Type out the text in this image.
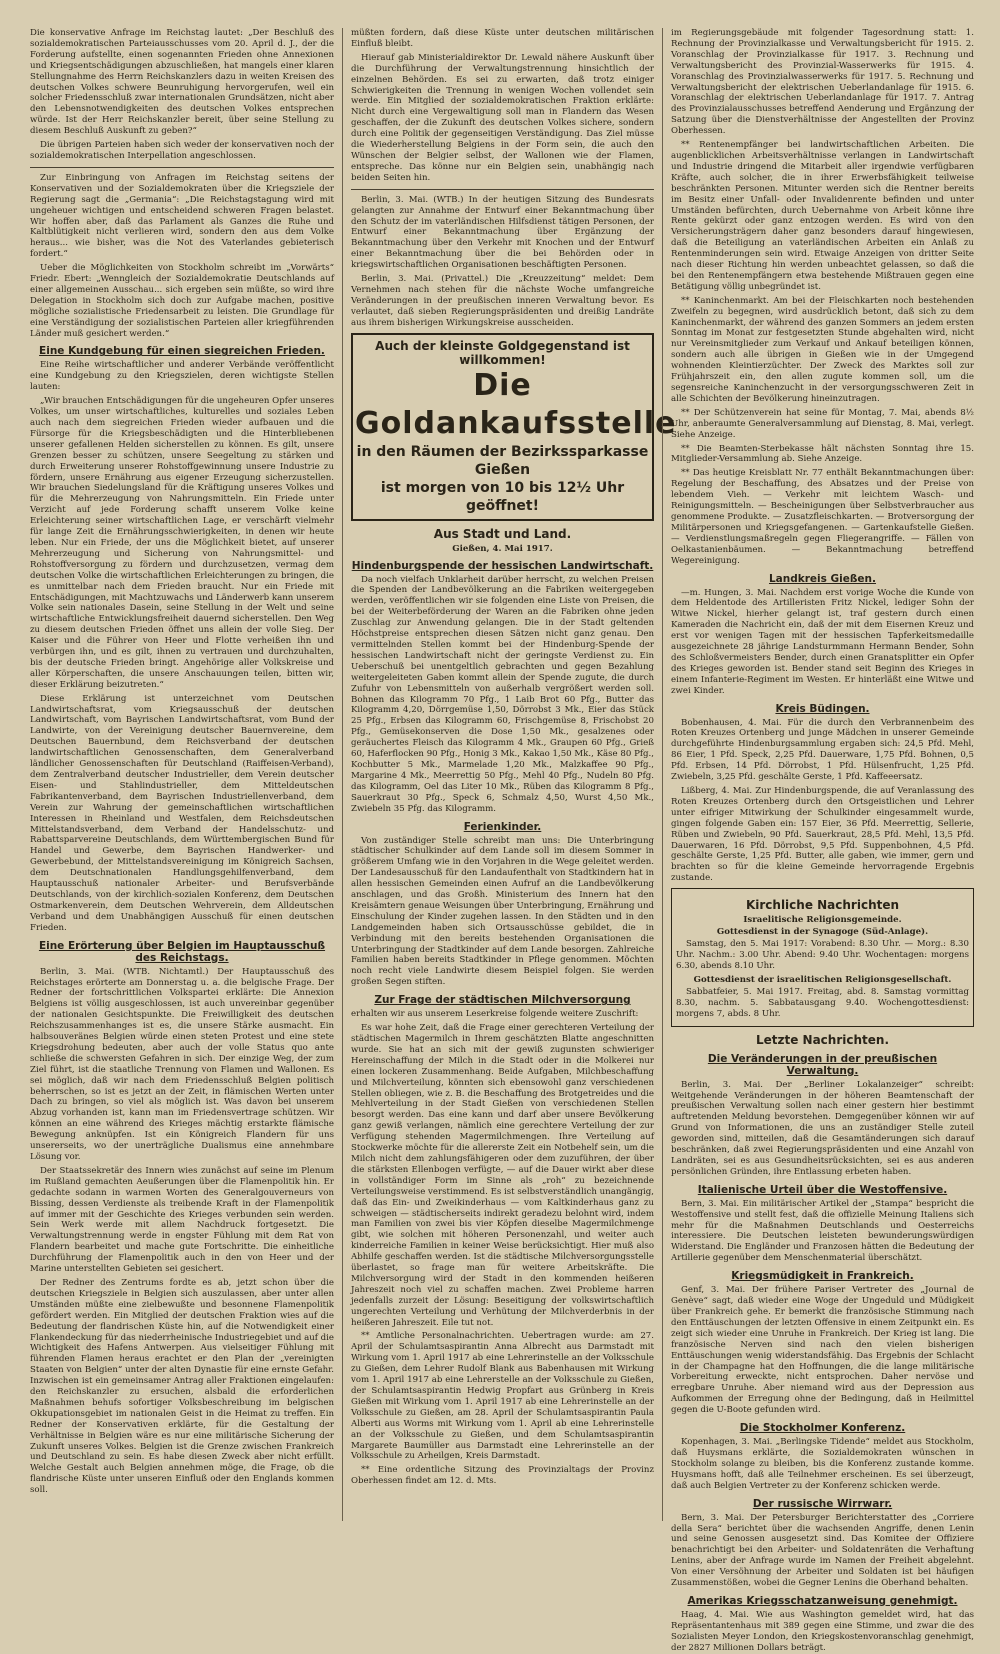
Die konservative Anfrage im Reichstag lautet: „Der Beschluß des sozialdemokratischen Parteiausschusses vom 20. April d. J., der die Forderung aufstellte, einen sogenannten Frieden ohne Annexionen und Kriegsentschädigungen abzuschließen, hat mangels einer klaren Stellungnahme des Herrn Reichskanzlers dazu in weiten Kreisen des deutschen Volkes schwere Beunruhigung hervorgerufen, weil ein solcher Friedensschluß zwar internationalen Grundsätzen, nicht aber den Lebensnotwendigkeiten des deutschen Volkes entsprechen würde. Ist der Herr Reichskanzler bereit, über seine Stellung zu diesem Beschluß Auskunft zu geben?“

Die übrigen Parteien haben sich weder der konservativen noch der sozialdemokratischen Interpellation angeschlossen.

Zur Einbringung von Anfragen im Reichstag seitens der Konservativen und der Sozialdemokraten über die Kriegsziele der Regierung sagt die „Germania“: „Die Reichstagstagung wird mit ungeheuer wichtigen und entscheidend schweren Fragen belastet. Wir hoffen aber, daß das Parlament als Ganzes die Ruhe und Kaltblütigkeit nicht verlieren wird, sondern den aus dem Volke heraus... wie bisher, was die Not des Vaterlandes gebieterisch fordert.“

Ueber die Möglichkeiten von Stockholm schreibt im „Vorwärts“ Friedr. Ebert: „Wenngleich der Sozialdemokratie Deutschlands auf einer allgemeinen Ausschau... sich ergeben sein müßte, so wird ihre Delegation in Stockholm sich doch zur Aufgabe machen, positive mögliche sozialistische Friedensarbeit zu leisten. Die Grundlage für eine Verständigung der sozialistischen Parteien aller kriegführenden Länder muß gesichert werden.“

Eine Kundgebung für einen siegreichen Frieden.

Eine Reihe wirtschaftlicher und anderer Verbände veröffentlicht eine Kundgebung zu den Kriegszielen, deren wichtigste Stellen lauten:

„Wir brauchen Entschädigungen für die ungeheuren Opfer unseres Volkes, um unser wirtschaftliches, kulturelles und soziales Leben auch nach dem siegreichen Frieden wieder aufbauen und die Fürsorge für die Kriegsbeschädigten und die Hinterbliebenen unserer gefallenen Helden sicherstellen zu können. Es gilt, unsere Grenzen besser zu schützen, unsere Seegeltung zu stärken und durch Erweiterung unserer Rohstoffgewinnung unsere Industrie zu fördern, unsere Ernährung aus eigener Erzeugung sicherzustellen. Wir brauchen Siedelungsland für die Kräftigung unseres Volkes und für die Mehrerzeugung von Nahrungsmitteln. Ein Friede unter Verzicht auf jede Forderung schafft unserem Volke keine Erleichterung seiner wirtschaftlichen Lage, er verschärft vielmehr für lange Zeit die Ernährungsschwierigkeiten, in denen wir heute leben. Nur ein Friede, der uns die Möglichkeit bietet, auf unserer Mehrerzeugung und Sicherung von Nahrungsmittel- und Rohstoffversorgung zu fördern und durchzusetzen, vermag dem deutschen Volke die wirtschaftlichen Erleichterungen zu bringen, die es unmittelbar nach dem Frieden braucht. Nur ein Friede mit Entschädigungen, mit Machtzuwachs und Länderwerb kann unserem Volke sein nationales Dasein, seine Stellung in der Welt und seine wirtschaftliche Entwicklungsfreiheit dauernd sicherstellen. Den Weg zu diesem deutschen Frieden öffnet uns allein der volle Sieg. Der Kaiser und die Führer von Heer und Flotte verheißen ihn und verbürgen ihn, und es gilt, ihnen zu vertrauen und durchzuhalten, bis der deutsche Frieden bringt. Angehörige aller Volkskreise und aller Körperschaften, die unsere Anschauungen teilen, bitten wir, dieser Erklärung beizutreten.“

Diese Erklärung ist unterzeichnet vom Deutschen Landwirtschaftsrat, vom Kriegsausschuß der deutschen Landwirtschaft, vom Bayrischen Landwirtschaftsrat, vom Bund der Landwirte, von der Vereinigung deutscher Bauernvereine, dem Deutschen Bauernbund, dem Reichsverband der deutschen landwirtschaftlichen Genossenschaften, dem Generalverband ländlicher Genossenschaften für Deutschland (Raiffeisen-Verband), dem Zentralverband deutscher Industrieller, dem Verein deutscher Eisen- und Stahlindustrieller, dem Mitteldeutschen Fabrikantenverband, dem Bayrischen Industriellenverband, dem Verein zur Wahrung der gemeinschaftlichen wirtschaftlichen Interessen in Rheinland und Westfalen, dem Reichsdeutschen Mittelstandsverband, dem Verband der Handelsschutz- und Rabattsparvereine Deutschlands, dem Württembergischen Bund für Handel und Gewerbe, dem Bayrischen Handwerker- und Gewerbebund, der Mittelstandsvereinigung im Königreich Sachsen, dem Deutschnationalen Handlungsgehilfenverband, dem Hauptausschuß nationaler Arbeiter- und Berufsverbände Deutschlands, von der kirchlich-sozialen Konferenz, dem Deutschen Ostmarkenverein, dem Deutschen Wehrverein, dem Alldeutschen Verband und dem Unabhängigen Ausschuß für einen deutschen Frieden.

Eine Erörterung über Belgien im Hauptausschuß des Reichstags.

Berlin, 3. Mai. (WTB. Nichtamtl.) Der Hauptausschuß des Reichstages erörterte am Donnerstag u. a. die belgische Frage. Der Redner der fortschrittlichen Volkspartei erklärte: Die Annexion Belgiens ist völlig ausgeschlossen, ist auch unvereinbar gegenüber der nationalen Gesichtspunkte. Die Freiwilligkeit des deutschen Reichszusammenhanges ist es, die unsere Stärke ausmacht. Ein halbsouveränes Belgien würde einen steten Protest und eine stete Kriegsdrohung bedeuten, aber auch der volle Status quo ante schließe die schwersten Gefahren in sich. Der einzige Weg, der zum Ziel führt, ist die staatliche Trennung von Flamen und Wallonen. Es sei möglich, daß wir nach dem Friedensschluß Belgien politisch beherrschen, so ist es jetzt an der Zeit, in flämischen Werten unter Dach zu bringen, so viel als möglich ist. Was davon bei unserem Abzug vorhanden ist, kann man im Friedensvertrage schützen. Wir können an eine während des Krieges mächtig erstarkte flämische Bewegung anknüpfen. Ist ein Königreich Flandern für uns unsererseits, wo der unerträgliche Dualismus eine annehmbare Lösung vor.

Der Staatssekretär des Innern wies zunächst auf seine im Plenum im Rußland gemachten Aeußerungen über die Flamenpolitik hin. Er gedachte sodann in warmen Worten des Generalgouverneurs von Bissing, dessen Verdienste als treibende Kraft in der Flamenpolitik auf immer mit der Geschichte des Krieges verbunden sein werden. Sein Werk werde mit allem Nachdruck fortgesetzt. Die Verwaltungstrennung werde in engster Fühlung mit dem Rat von Flandern bearbeitet und mache gute Fortschritte. Die einheitliche Durchführung der Flamenpolitik auch in den von Heer und der Marine unterstellten Gebieten sei gesichert.

Der Redner des Zentrums fordte es ab, jetzt schon über die deutschen Kriegsziele in Belgien sich auszulassen, aber unter allen Umständen müßte eine zielbewußte und besonnene Flamenpolitik gefördert werden. Ein Mitglied der deutschen Fraktion wies auf die Bedeutung der flandrischen Küste hin, auf die Notwendigkeit einer Flankendeckung für das niederrheinische Industriegebiet und auf die Wichtigkeit des Hafens Antwerpen. Aus vielseitiger Fühlung mit führenden Flamen heraus erachtet er den Plan der „vereinigten Staaten von Belgien“ unter der alten Dynastie für eine ernste Gefahr. Inzwischen ist ein gemeinsamer Antrag aller Fraktionen eingelaufen: den Reichskanzler zu ersuchen, alsbald die erforderlichen Maßnahmen behufs sofortiger Volksbeschreibung im belgischen Okkupationsgebiet im nationalen Geist in die Heimat zu treffen. Ein Redner der Konservativen erklärte, für die Gestaltung der Verhältnisse in Belgien wäre es nur eine militärische Sicherung der Zukunft unseres Volkes. Belgien ist die Grenze zwischen Frankreich und Deutschland zu sein. Es habe diesen Zweck aber nicht erfüllt. Welche Gestalt auch Belgien annehmen möge, die Frage, ob die flandrische Küste unter unseren Einfluß oder den Englands kommen soll.

müßten fordern, daß diese Küste unter deutschen militärischen Einfluß bleibt.

Hierauf gab Ministerialdirektor Dr. Lewald nähere Auskunft über die Durchführung der Verwaltungstrennung hinsichtlich der einzelnen Behörden. Es sei zu erwarten, daß trotz einiger Schwierigkeiten die Trennung in wenigen Wochen vollendet sein werde. Ein Mitglied der sozialdemokratischen Fraktion erklärte: Nicht durch eine Vergewaltigung soll man in Flandern das Wesen geschaffen, der die Zukunft des deutschen Volkes sichere, sondern durch eine Politik der gegenseitigen Verständigung. Das Ziel müsse die Wiederherstellung Belgiens in der Form sein, die auch den Wünschen der Belgier selbst, der Wallonen wie der Flamen, entspreche. Das könne nur ein Belgien sein, unabhängig nach beiden Seiten hin.

Berlin, 3. Mai. (WTB.) In der heutigen Sitzung des Bundesrats gelangten zur Annahme der Entwurf einer Bekanntmachung über den Schutz der im vaterländischen Hilfsdienst tätigen Personen, der Entwurf einer Bekanntmachung über Ergänzung der Bekanntmachung über den Verkehr mit Knochen und der Entwurf einer Bekanntmachung über die bei Behörden oder in kriegswirtschaftlichen Organisationen beschäftigten Personen.

Berlin, 3. Mai. (Privattel.) Die „Kreuzzeitung“ meldet: Dem Vernehmen nach stehen für die nächste Woche umfangreiche Veränderungen in der preußischen inneren Verwaltung bevor. Es verlautet, daß sieben Regierungspräsidenten und dreißig Landräte aus ihrem bisherigen Wirkungskreise ausscheiden.

Auch der kleinste Goldgegenstand ist willkommen!
Die Goldankaufsstelle
in den Räumen der Bezirkssparkasse Gießen
ist morgen von 10 bis 12½ Uhr geöffnet!
Aus Stadt und Land.
Gießen, 4. Mai 1917.
Hindenburgspende der hessischen Landwirtschaft.

Da noch vielfach Unklarheit darüber herrscht, zu welchen Preisen die Spenden der Landbevölkerung an die Fabriken weitergegeben werden, veröffentlichen wir sie folgenden eine Liste von Preisen, die bei der Weiterbeförderung der Waren an die Fabriken ohne jeden Zuschlag zur Anwendung gelangen. Die in der Stadt geltenden Höchstpreise entsprechen diesen Sätzen nicht ganz genau. Den vermittelnden Stellen kommt bei der Hindenburg-Spende der hessischen Landwirtschaft nicht der geringste Verdienst zu. Ein Ueberschuß bei unentgeltlich gebrachten und gegen Bezahlung weitergeleiteten Gaben kommt allein der Spende zugute, die durch Zufuhr von Lebensmitteln von außerhalb vergrößert werden soll. Bohnen das Kilogramm 70 Pfg., 1 Laib Brot 60 Pfg., Butter das Kilogramm 4,20, Dörrgemüse 1,50, Dörrobst 3 Mk., Eier das Stück 25 Pfg., Erbsen das Kilogramm 60, Frischgemüse 8, Frischobst 20 Pfg., Gemüsekonserven die Dose 1,50 Mk., gesalzenes oder geräuchertes Fleisch das Kilogramm 4 Mk., Graupen 60 Pfg., Grieß 60, Haferflocken 90 Pfg., Honig 3 Mk., Kakao 1,50 Mk., Käse 80 Pfg., Kochbutter 5 Mk., Marmelade 1,20 Mk., Malzkaffee 90 Pfg., Margarine 4 Mk., Meerrettig 50 Pfg., Mehl 40 Pfg., Nudeln 80 Pfg. das Kilogramm, Oel das Liter 10 Mk., Rüben das Kilogramm 8 Pfg., Sauerkraut 30 Pfg., Speck 6, Schmalz 4,50, Wurst 4,50 Mk., Zwiebeln 35 Pfg. das Kilogramm.

Ferienkinder.

Von zuständiger Stelle schreibt man uns: Die Unterbringung städtischer Schulkinder auf dem Lande soll im diesem Sommer in größerem Umfang wie in den Vorjahren in die Wege geleitet werden. Der Landesausschuß für den Landaufenthalt von Stadtkindern hat in allen hessischen Gemeinden einen Aufruf an die Landbevölkerung anschlagen, und das Großh. Ministerium des Innern hat den Kreisämtern genaue Weisungen über Unterbringung, Ernährung und Einschulung der Kinder zugehen lassen. In den Städten und in den Landgemeinden haben sich Ortsausschüsse gebildet, die in Verbindung mit den bereits bestehenden Organisationen die Unterbringung der Stadtkinder auf dem Lande besorgen. Zahlreiche Familien haben bereits Stadtkinder in Pflege genommen. Möchten noch recht viele Landwirte diesem Beispiel folgen. Sie werden großen Segen stiften.

Zur Frage der städtischen Milchversorgung

erhalten wir aus unserem Leserkreise folgende weitere Zuschrift:

Es war hohe Zeit, daß die Frage einer gerechteren Verteilung der städtischen Magermilch in Ihrem geschätzten Blatte angeschnitten wurde. Sie hat an sich mit der gewiß zugunsten schwieriger Hereinschaffung der Milch in die Stadt oder in die Molkerei nur einen lockeren Zusammenhang. Beide Aufgaben, Milchbeschaffung und Milchverteilung, könnten sich ebensowohl ganz verschiedenen Stellen obliegen, wie z. B. die Beschaffung des Brotgetreides und die Mehlverteilung in der Stadt Gießen von verschiedenen Stellen besorgt werden. Das eine kann und darf aber unsere Bevölkerung ganz gewiß verlangen, nämlich eine gerechtere Verteilung der zur Verfügung stehenden Magermilchmengen. Ihre Verteilung auf Stockwerke möchte für die allererste Zeit ein Notbehelf sein, um die Milch nicht dem zahlungsfähigeren oder dem zuzuführen, der über die stärksten Ellenbogen verfügte, — auf die Dauer wirkt aber diese in vollständiger Form im Sinne als „roh“ zu bezeichnende Verteilungsweise verstimmend. Es ist selbstverständlich unangängig, daß das Ein- und Zweikinderhaus — vom Kaltkinderhaus ganz zu schweigen — städtischerseits indirekt geradezu belohnt wird, indem man Familien von zwei bis vier Köpfen dieselbe Magermilchmenge gibt, wie solchen mit höheren Personenzahl, und weiter auch kinderreiche Familien in keiner Weise berücksichtigt. Hier muß also Abhilfe geschaffen werden. Ist die städtische Milchversorgungsstelle überlastet, so frage man für weitere Arbeitskräfte. Die Milchversorgung wird der Stadt in den kommenden heißeren Jahreszeit noch viel zu schaffen machen. Zwei Probleme harren jedenfalls zurzeit der Lösung: Beseitigung der volkswirtschaftlich ungerechten Verteilung und Verhütung der Milchverderbnis in der heißeren Jahreszeit. Eile tut not.

** Amtliche Personalnachrichten. Uebertragen wurde: am 27. April der Schulamtsaspirantin Anna Albrecht aus Darmstadt mit Wirkung vom 1. April 1917 ab eine Lehrerinstelle an der Volksschule zu Gießen, dem Lehrer Rudolf Blank aus Babenhausen mit Wirkung vom 1. April 1917 ab eine Lehrerstelle an der Volksschule zu Gießen, der Schulamtsaspirantin Hedwig Propfart aus Grünberg in Kreis Gießen mit Wirkung vom 1. April 1917 ab eine Lehrerinstelle an der Volksschule zu Gießen, am 28. April der Schulamtsaspirantin Paula Alberti aus Worms mit Wirkung vom 1. April ab eine Lehrerinstelle an der Volksschule zu Gießen, und dem Schulamtsaspirantin Margarete Baumüller aus Darmstadt eine Lehrerinstelle an der Volksschule zu Arheilgen, Kreis Darmstadt.

** Eine ordentliche Sitzung des Provinzialtags der Provinz Oberhessen findet am 12. d. Mts.

im Regierungsgebäude mit folgender Tagesordnung statt: 1. Rechnung der Provinzialkasse und Verwaltungsbericht für 1915. 2. Voranschlag der Provinzialkasse für 1917. 3. Rechnung und Verwaltungsbericht des Provinzial-Wasserwerks für 1915. 4. Voranschlag des Provinzialwasserwerks für 1917. 5. Rechnung und Verwaltungsbericht der elektrischen Ueberlandanlage für 1915. 6. Voranschlag der elektrischen Ueberlandanlage für 1917. 7. Antrag des Provinzialausschusses betreffend Aenderung und Ergänzung der Satzung über die Dienstverhältnisse der Angestellten der Provinz Oberhessen.

** Rentenempfänger bei landwirtschaftlichen Arbeiten. Die augenblicklichen Arbeitsverhältnisse verlangen in Landwirtschaft und Industrie dringend die Mitarbeit aller irgendwie verfügbaren Kräfte, auch solcher, die in ihrer Erwerbsfähigkeit teilweise beschränkten Personen. Mitunter werden sich die Rentner bereits im Besitz einer Unfall- oder Invalidenrente befinden und unter Umständen befürchten, durch Uebernahme von Arbeit könne ihre Rente gekürzt oder ganz entzogen werden. Es wird von den Versicherungsträgern daher ganz besonders darauf hingewiesen, daß die Beteiligung an vaterländischen Arbeiten ein Anlaß zu Rentenminderungen sein wird. Etwaige Anzeigen von dritter Seite nach dieser Richtung hin werden unbeachtet gelassen, so daß die bei den Rentenempfängern etwa bestehende Mißtrauen gegen eine Betätigung völlig unbegründet ist.

** Kaninchenmarkt. Am bei der Fleischkarten noch bestehenden Zweifeln zu begegnen, wird ausdrücklich betont, daß sich zu dem Kaninchenmarkt, der während des ganzen Sommers an jedem ersten Sonntag im Monat zur festgesetzten Stunde abgehalten wird, nicht nur Vereinsmitglieder zum Verkauf und Ankauf beteiligen können, sondern auch alle übrigen in Gießen wie in der Umgegend wohnenden Kleintierzüchter. Der Zweck des Marktes soll zur Frühjahrszeit ein, den allen zugute kommen soll, um die segensreiche Kaninchenzucht in der versorgungsschweren Zeit in alle Schichten der Bevölkerung hineinzutragen.

** Der Schützenverein hat seine für Montag, 7. Mai, abends 8½ Uhr, anberaumte Generalversammlung auf Dienstag, 8. Mai, verlegt. Siehe Anzeige.

** Die Beamten-Sterbekasse hält nächsten Sonntag ihre 15. Mitglieder-Versammlung ab. Siehe Anzeige.

** Das heutige Kreisblatt Nr. 77 enthält Bekanntmachungen über: Regelung der Beschaffung, des Absatzes und der Preise von lebendem Vieh. — Verkehr mit leichtem Wasch- und Reinigungsmitteln. — Bescheinigungen über Selbstverbraucher aus genommene Produkte. — Zusatzfleischkarten. — Brotversorgung der Militärpersonen und Kriegsgefangenen. — Gartenkaufstelle Gießen. — Verdienstlungsmaßregeln gegen Fliegerangriffe. — Fällen von Oelkastanienbäumen. — Bekanntmachung betreffend Wegereinigung.

Landkreis Gießen.

—m. Hungen, 3. Mai. Nachdem erst vorige Woche die Kunde von dem Heldentode des Artilleristen Fritz Nickel, lediger Sohn der Witwe Nickel, hierher gelangt ist, traf gestern durch einen Kameraden die Nachricht ein, daß der mit dem Eisernen Kreuz und erst vor wenigen Tagen mit der hessischen Tapferkeitsmedaille ausgezeichnete 28 jährige Landsturmmann Hermann Bender, Sohn des Schloßvermeisters Bender, durch einen Granatsplitter ein Opfer des Krieges geworden ist. Bender stand seit Beginn des Krieges in einem Infanterie-Regiment im Westen. Er hinterläßt eine Witwe und zwei Kinder.

Kreis Büdingen.

Bobenhausen, 4. Mai. Für die durch den Verbrannenbeim des Roten Kreuzes Ortenberg und junge Mädchen in unserer Gemeinde durchgeführte Hindenburgsammlung ergaben sich: 24,5 Pfd. Mehl, 86 Eier, 1 Pfd. Speck, 2,25 Pfd. Dauerware, 1,75 Pfd. Bohnen, 0,5 Pfd. Erbsen, 14 Pfd. Dörrobst, 1 Pfd. Hülsenfrucht, 1,25 Pfd. Zwiebeln, 3,25 Pfd. geschälte Gerste, 1 Pfd. Kaffeeersatz.

Lißberg, 4. Mai. Zur Hindenburgspende, die auf Veranlassung des Roten Kreuzes Ortenberg durch den Ortsgeistlichen und Lehrer unter eifriger Mitwirkung der Schulkinder eingesammelt wurde, gingen folgende Gaben ein: 157 Eier, 36 Pfd. Meerrettig, Sellerie, Rüben und Zwiebeln, 90 Pfd. Sauerkraut, 28,5 Pfd. Mehl, 13,5 Pfd. Dauerwaren, 16 Pfd. Dörrobst, 9,5 Pfd. Suppenbohnen, 4,5 Pfd. geschälte Gerste, 1,25 Pfd. Butter, alle gaben, wie immer, gern und brachten so für die kleine Gemeinde hervorragende Ergebnis zustande.

Kirchliche Nachrichten
Israelitische Religionsgemeinde.
Gottesdienst in der Synagoge (Süd-Anlage).

Samstag, den 5. Mai 1917: Vorabend: 8.30 Uhr. — Morg.: 8.30 Uhr. Nachm.: 3.00 Uhr. Abend: 9.40 Uhr. Wochentagen: morgens 6.30, abends 8.10 Uhr.

Gottesdienst der israelitischen Religionsgesellschaft.

Sabbatfeier, 5. Mai 1917. Freitag, abd. 8. Samstag vormittag 8.30, nachm. 5. Sabbatausgang 9.40. Wochengottesdienst: morgens 7, abds. 8 Uhr.

Letzte Nachrichten.
Die Veränderungen in der preußischen Verwaltung.

Berlin, 3. Mai. Der „Berliner Lokalanzeiger“ schreibt: Weitgehende Veränderungen in der höheren Beamtenschaft der preußischen Verwaltung sollen nach einer gestern hier bestimmt auftretenden Meldung bevorstehen. Demgegenüber können wir auf Grund von Informationen, die uns an zuständiger Stelle zuteil geworden sind, mitteilen, daß die Gesamtänderungen sich darauf beschränken, daß zwei Regierungspräsidenten und eine Anzahl von Landräten, sei es aus Gesundheitsrücksichten, sei es aus anderen persönlichen Gründen, ihre Entlassung erbeten haben.

Italienische Urteil über die Westoffensive.

Bern, 3. Mai. Ein militärischer Artikel der „Stampa“ bespricht die Westoffensive und stellt fest, daß die offizielle Meinung Italiens sich mehr für die Maßnahmen Deutschlands und Oesterreichs interessiere. Die Deutschen leisteten bewunderungswürdigen Widerstand. Die Engländer und Franzosen hätten die Bedeutung der Artillerie gegenüber dem Menschenmaterial überschätzt.

Kriegsmüdigkeit in Frankreich.

Genf, 3. Mai. Der frühere Pariser Vertreter des „Journal de Genève“ sagt, daß wieder eine Woge der Ungeduld und Müdigkeit über Frankreich gehe. Er bemerkt die französische Stimmung nach den Enttäuschungen der letzten Offensive in einem Zeitpunkt ein. Es zeigt sich wieder eine Unruhe in Frankreich. Der Krieg ist lang. Die französische Nerven sind nach den vielen bisherigen Enttäuschungen wenig widerstandsfähig. Das Ergebnis der Schlacht in der Champagne hat den Hoffnungen, die die lange militärische Vorbereitung erweckte, nicht entsprochen. Daher nervöse und erregbare Unruhe. Aber niemand wird aus der Depression aus Aufkommen der Erregung ohne der Bedingung, daß in Heilmittel gegen die U-Boote gefunden wird.

Die Stockholmer Konferenz.

Kopenhagen, 3. Mai. „Berlingske Tidende“ meldet aus Stockholm, daß Huysmans erklärte, die Sozialdemokraten wünschen in Stockholm solange zu bleiben, bis die Konferenz zustande komme. Huysmans hofft, daß alle Teilnehmer erscheinen. Es sei überzeugt, daß auch Belgien Vertreter zu der Konferenz schicken werde.

Der russische Wirrwarr.

Bern, 3. Mai. Der Petersburger Berichterstatter des „Corriere della Sera“ berichtet über die wachsenden Angriffe, denen Lenin und seine Genossen ausgesetzt sind. Das Komitee der Offiziere benachrichtigt bei den Arbeiter- und Soldatenräten die Verhaftung Lenins, aber der Anfrage wurde im Namen der Freiheit abgelehnt. Von einer Versöhnung der Arbeiter und Soldaten ist bei häufigen Zusammenstößen, wobei die Gegner Lenins die Oberhand behalten.

Amerikas Kriegsschatzanweisung genehmigt.

Haag, 4. Mai. Wie aus Washington gemeldet wird, hat das Repräsentantenhaus mit 389 gegen eine Stimme, und zwar die des Sozialisten Meyer London, den Kriegskostenvoranschlag genehmigt, der 2827 Millionen Dollars beträgt.
